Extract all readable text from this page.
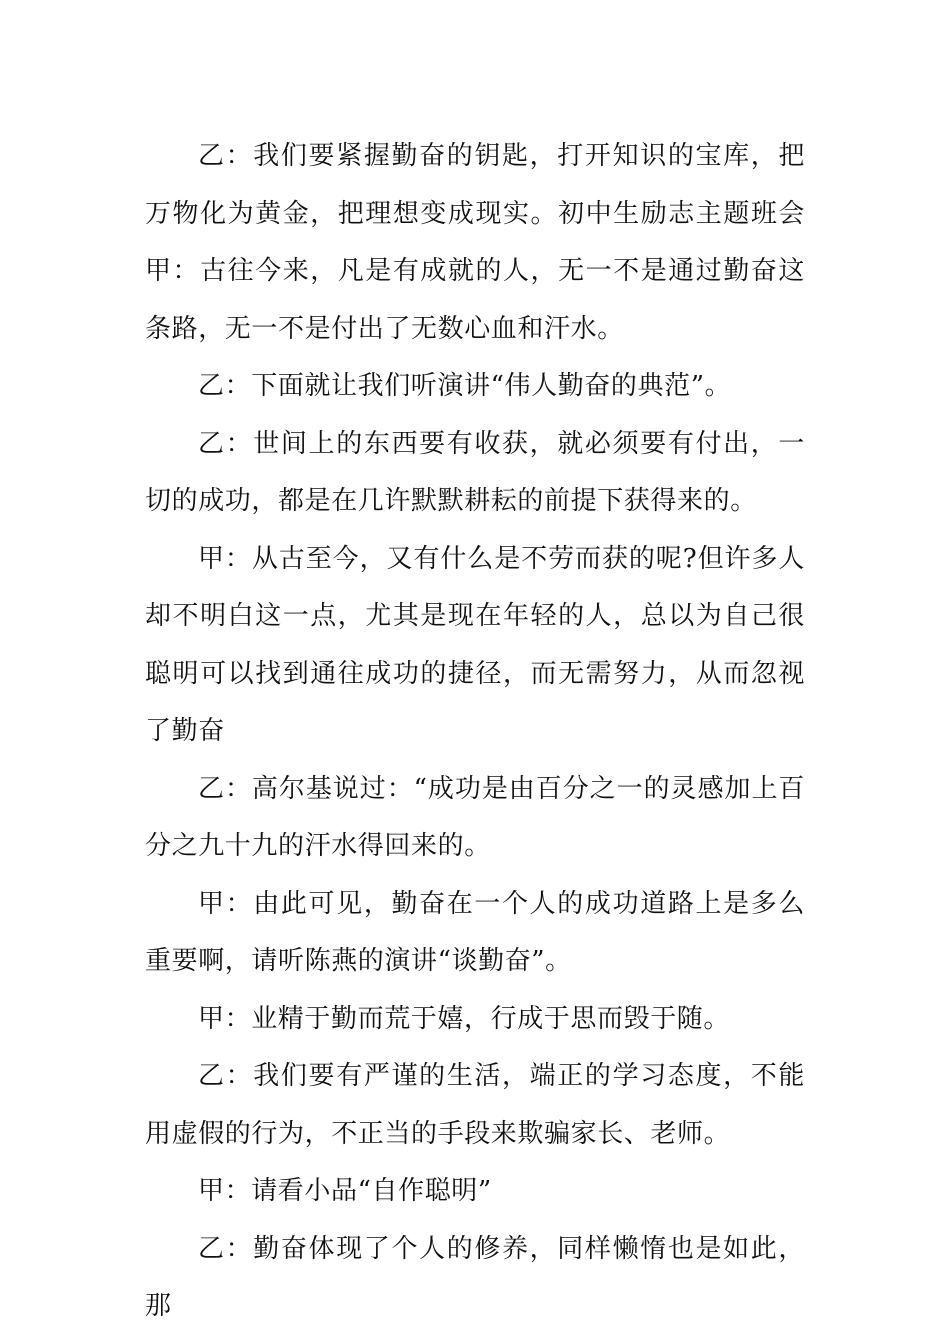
乙：我们要紧握勤奋的钥匙，打开知识的宝库，把万物化为黄金，把理想变成现实。初中生励志主题班会甲：古往今来，凡是有成就的人，无一不是通过勤奋这条路，无一不是付出了无数心血和汗水。

乙：下面就让我们听演讲“伟人勤奋的典范”。

乙：世间上的东西要有收获，就必须要有付出，一切的成功，都是在几许默默耕耘的前提下获得来的。

甲：从古至今，又有什么是不劳而获的呢?但许多人却不明白这一点，尤其是现在年轻的人，总以为自己很聪明可以找到通往成功的捷径，而无需努力，从而忽视了勤奋

乙：高尔基说过：“成功是由百分之一的灵感加上百分之九十九的汗水得回来的。

甲：由此可见，勤奋在一个人的成功道路上是多么重要啊，请听陈燕的演讲“谈勤奋”。

甲：业精于勤而荒于嬉，行成于思而毁于随。

乙：我们要有严谨的生活，端正的学习态度，不能用虚假的行为，不正当的手段来欺骗家长、老师。

甲：请看小品“自作聪明”

乙：勤奋体现了个人的修养，同样懒惰也是如此，那
